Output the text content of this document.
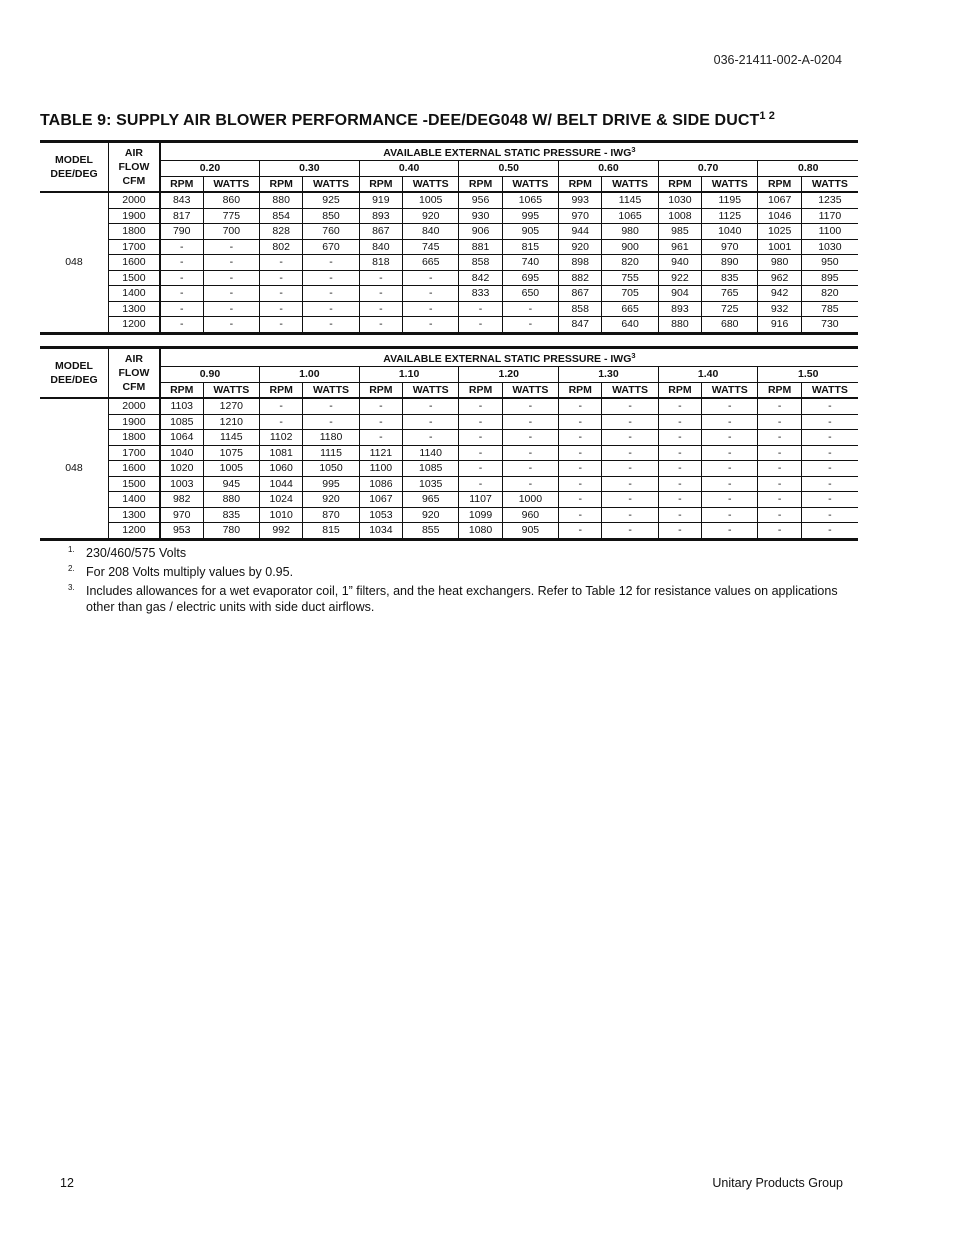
036-21411-002-A-0204
TABLE 9: SUPPLY AIR BLOWER PERFORMANCE -DEE/DEG048 W/ BELT DRIVE & SIDE $DUCT^{1 2}$
MODEL
DEE/DEG	AIR
FLOW
CFM	AVAILABLE EXTERNAL STATIC PRESSURE - IWG$^3$
		0.20		0.30		0.40		0.50		0.60		0.70		0.80	
		RPM	WATTS	RPM	WATTS	RPM	WATTS	RPM	WATTS	RPM	WATTS	RPM	WATTS	RPM	WATTS
048	2000	843	860	880	925	919	1005	956	1065	993	1145	1030	1195	1067	1235
	1900	817	775	854	850	893	920	930	995	970	1065	1008	1125	1046	1170
	1800	790	700	828	760	867	840	906	905	944	980	985	1040	1025	1100
	1700	-	-	802	670	840	745	881	815	920	900	961	970	1001	1030
	1600	-	-	-	-	818	665	858	740	898	820	940	890	980	950
	1500	-	-	-	-	-	-	842	695	882	755	922	835	962	895
	1400	-	-	-	-	-	-	833	650	867	705	904	765	942	820
	1300	-	-	-	-	-	-	-	-	858	665	893	725	932	785
	1200	-	-	-	-	-	-	-	-	847	640	880	680	916	730
MODEL
DEE/DEG	AIR
FLOW
CFM	AVAILABLE EXTERNAL STATIC PRESSURE - IWG$^3$
		0.90		1.00		1.10		1.20		1.30		1.40		1.50	
		RPM	WATTS	RPM	WATTS	RPM	WATTS	RPM	WATTS	RPM	WATTS	RPM	WATTS	RPM	WATTS
048	2000	1103	1270	-	-	-	-	-	-	-	-	-	-	-	-
	1900	1085	1210	-	-	-	-	-	-	-	-	-	-	-	-
	1800	1064	1145	1102	1180	-	-	-	-	-	-	-	-	-	-
	1700	1040	1075	1081	1115	1121	1140	-	-	-	-	-	-	-	-
	1600	1020	1005	1060	1050	1100	1085	-	-	-	-	-	-	-	-
	1500	1003	945	1044	995	1086	1035	-	-	-	-	-	-	-	-
	1400	982	880	1024	920	1067	965	1107	1000	-	-	-	-	-	-
	1300	970	835	1010	870	1053	920	1099	960	-	-	-	-	-	-
	1200	953	780	992	815	1034	855	1080	905	-	-	-	-	-	-
1. 230/460/575 Volts
2. For 208 Volts multiply values by 0.95.
3. Includes allowances for a wet evaporator coil, 1” filters, and the heat exchangers. Refer to Table 12 for resistance values on applications other than gas / electric units with side duct airflows.
12	Unitary Products Group
